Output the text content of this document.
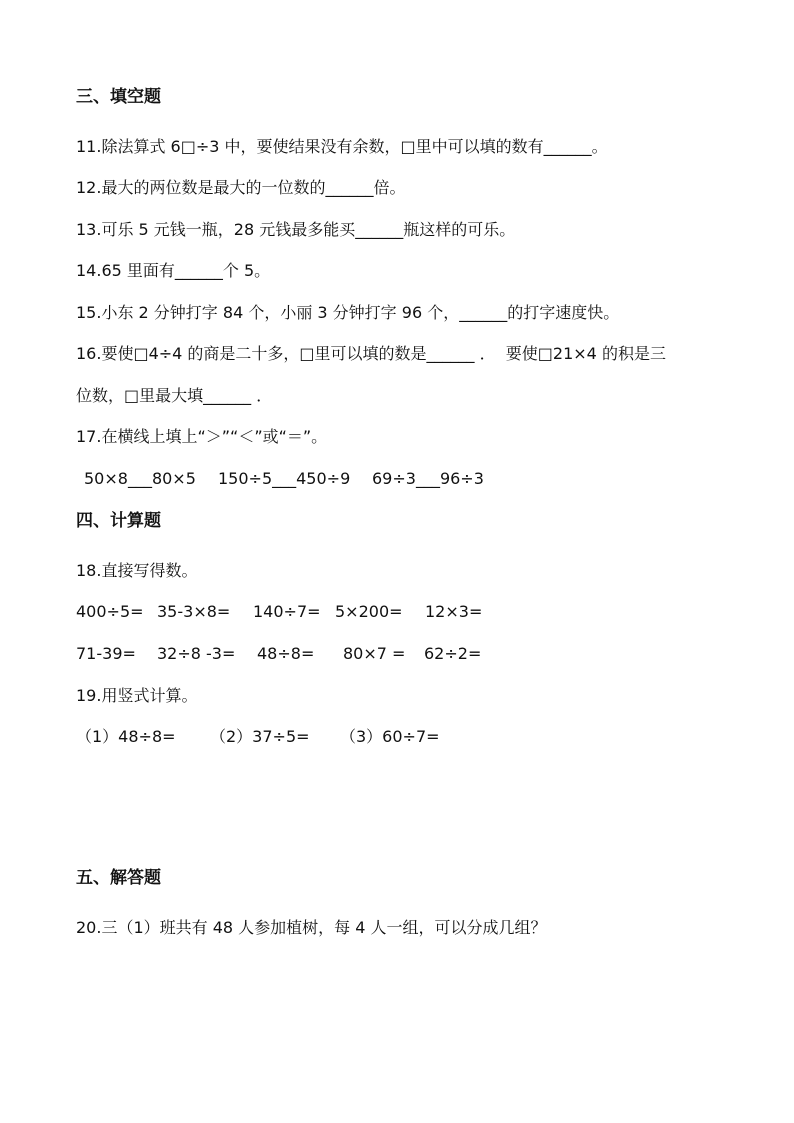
三、填空题
11.除法算式 6□÷3 中，要使结果没有余数，□里中可以填的数有______。
12.最大的两位数是最大的一位数的______倍。
13.可乐 5 元钱一瓶，28 元钱最多能买______瓶这样的可乐。
14.65 里面有______个 5。
15.小东 2 分钟打字 84 个，小丽 3 分钟打字 96 个，______的打字速度快。
16.要使□4÷4 的商是二十多，□里可以填的数是______ ．  要使□21×4 的积是三
位数，□里最大填______ ．
17.在横线上填上“＞”“＜”或“＝”。

50×8___80×5

150÷5___450÷9

69÷3___96÷3

四、计算题
18.直接写得数。

400÷5=

35-3×8=

140÷7=

5×200=

12×3=

71-39=

32÷8 -3=

48÷8=

80×7 =

62÷2=

19.用竖式计算。

（1）48÷8=

（2）37÷5=

（3）60÷7=

五、解答题
20.三（1）班共有 48 人参加植树，每 4 人一组，可以分成几组？
